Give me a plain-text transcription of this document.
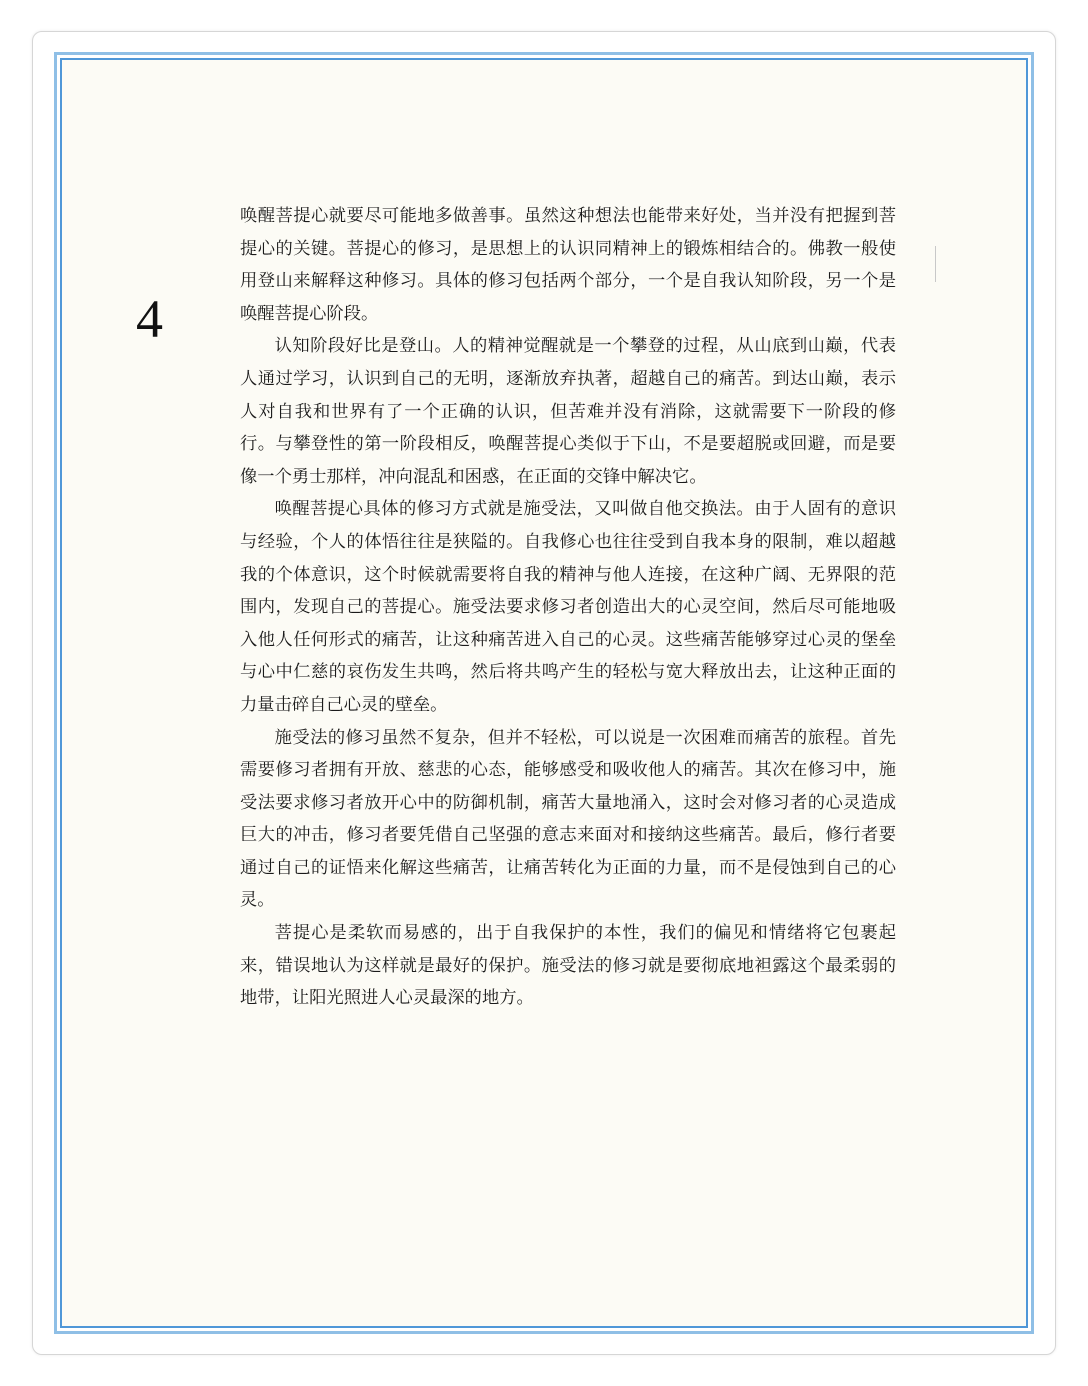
4

唤醒菩提心就要尽可能地多做善事。虽然这种想法也能带来好处，当并没有把握到菩提心的关键。菩提心的修习，是思想上的认识同精神上的锻炼相结合的。佛教一般使用登山来解释这种修习。具体的修习包括两个部分，一个是自我认知阶段，另一个是唤醒菩提心阶段。

认知阶段好比是登山。人的精神觉醒就是一个攀登的过程，从山底到山巅，代表人通过学习，认识到自己的无明，逐渐放弃执著，超越自己的痛苦。到达山巅，表示人对自我和世界有了一个正确的认识，但苦难并没有消除，这就需要下一阶段的修行。与攀登性的第一阶段相反，唤醒菩提心类似于下山，不是要超脱或回避，而是要像一个勇士那样，冲向混乱和困惑，在正面的交锋中解决它。

唤醒菩提心具体的修习方式就是施受法，又叫做自他交换法。由于人固有的意识与经验，个人的体悟往往是狭隘的。自我修心也往往受到自我本身的限制，难以超越我的个体意识，这个时候就需要将自我的精神与他人连接，在这种广阔、无界限的范围内，发现自己的菩提心。施受法要求修习者创造出大的心灵空间，然后尽可能地吸入他人任何形式的痛苦，让这种痛苦进入自己的心灵。这些痛苦能够穿过心灵的堡垒与心中仁慈的哀伤发生共鸣，然后将共鸣产生的轻松与宽大释放出去，让这种正面的力量击碎自己心灵的壁垒。

施受法的修习虽然不复杂，但并不轻松，可以说是一次困难而痛苦的旅程。首先需要修习者拥有开放、慈悲的心态，能够感受和吸收他人的痛苦。其次在修习中，施受法要求修习者放开心中的防御机制，痛苦大量地涌入，这时会对修习者的心灵造成巨大的冲击，修习者要凭借自己坚强的意志来面对和接纳这些痛苦。最后，修行者要通过自己的证悟来化解这些痛苦，让痛苦转化为正面的力量，而不是侵蚀到自己的心灵。

菩提心是柔软而易感的，出于自我保护的本性，我们的偏见和情绪将它包裹起来，错误地认为这样就是最好的保护。施受法的修习就是要彻底地袒露这个最柔弱的地带，让阳光照进人心灵最深的地方。
